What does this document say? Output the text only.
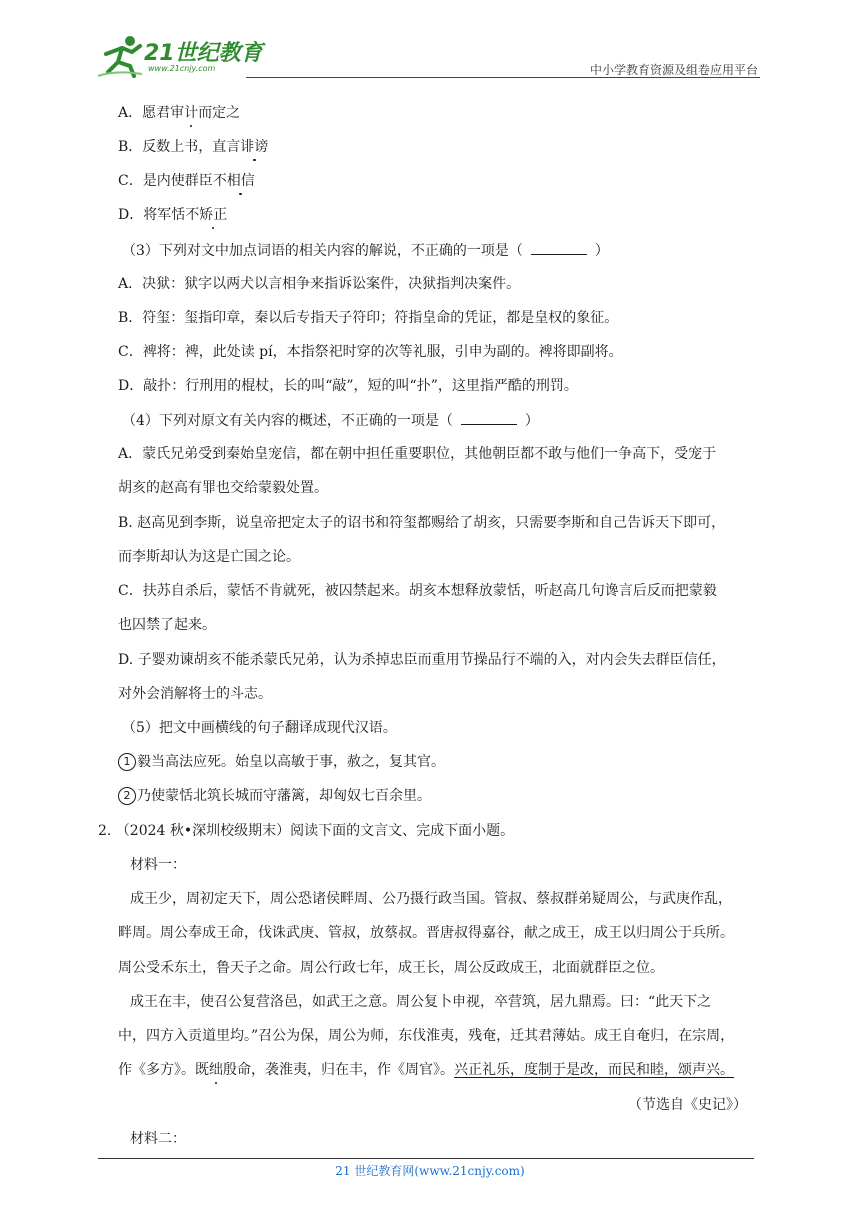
21世纪教育
www.21cnjy.com	中小学教育资源及组卷应用平台
A．愿君审计而定之
B．反数上书，直言诽谤
C．是内使群臣不相信
D．将军恬不矫正
（3）下列对文中加点词语的相关内容的解说，不正确的一项是（	）
A．决狱：狱字以两犬以言相争来指诉讼案件，决狱指判决案件。
B．符玺：玺指印章，秦以后专指天子符印；符指皇命的凭证，都是皇权的象征。
C．裨将：裨，此处读 pí，本指祭祀时穿的次等礼服，引申为副的。裨将即副将。
D．敲扑：行刑用的棍杖，长的叫“敲”，短的叫“扑”，这里指严酷的刑罚。
（4）下列对原文有关内容的概述，不正确的一项是（	）
A．蒙氏兄弟受到秦始皇宠信，都在朝中担任重要职位，其他朝臣都不敢与他们一争高下，受宠于
胡亥的赵高有罪也交给蒙毅处置。
B. 赵高见到李斯，说皇帝把定太子的诏书和符玺都赐给了胡亥，只需要李斯和自己告诉天下即可，
而李斯却认为这是亡国之论。
C．扶苏自杀后，蒙恬不肯就死，被囚禁起来。胡亥本想释放蒙恬，听赵高几句谗言后反而把蒙毅
也囚禁了起来。
D. 子婴劝谏胡亥不能杀蒙氏兄弟，认为杀掉忠臣而重用节操品行不端的入，对内会失去群臣信任，
对外会消解将士的斗志。
（5）把文中画横线的句子翻译成现代汉语。
1 毅当高法应死。始皇以高敏于事，赦之，复其官。
2 乃使蒙恬北筑长城而守藩篱，却匈奴七百余里。
2. （2024 秋•深圳校级期末）阅读下面的文言文、完成下面小题。
材料一：
成王少，周初定天下，周公恐诸侯畔周、公乃摄行政当国。管叔、蔡叔群弟疑周公，与武庚作乱，
畔周。周公奉成王命，伐诛武庚、管叔，放蔡叔。晋唐叔得嘉谷，献之成王，成王以归周公于兵所。
周公受禾东土，鲁天子之命。周公行政七年，成王长，周公反政成王，北面就群臣之位。
成王在丰，使召公复营洛邑，如武王之意。周公复卜申视，卒营筑，居九鼎焉。曰：“此天下之
中，四方入贡道里均。”召公为保，周公为师，东伐淮夷，残奄，迁其君薄姑。成王自奄归，在宗周，
作《多方》。既绌殷命，袭淮夷，归在丰，作《周官》。兴正礼乐，度制于是改，而民和睦，颂声兴。
（节选自《史记》）
材料二：
21 世纪教育网(www.21cnjy.com)
